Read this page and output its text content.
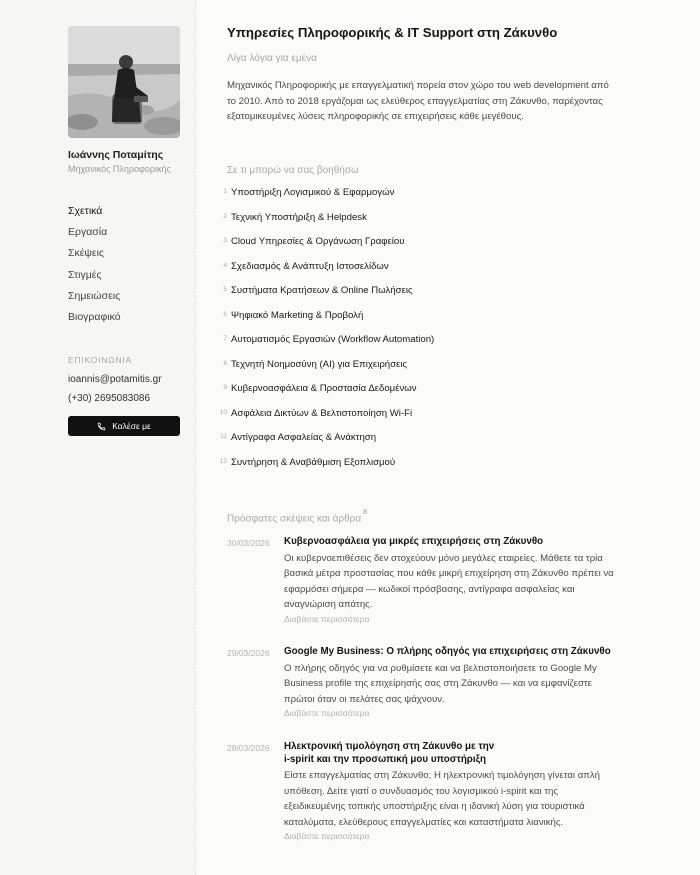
Ιωάννης Ποταμίτης
Μηχανικός Πληροφορικής
Σχετικά
Εργασία
Σκέψεις
Στιγμές
Σημειώσεις
Βιογραφικό
ΕΠΙΚΟΙΝΩΝΙΑ
ioannis@potamitis.gr
(+30) 2695083086
Καλέσε με
Υπηρεσίες Πληροφορικής & IT Support στη Ζάκυνθο
Λίγα λόγια για εμένα

Μηχανικός Πληροφορικής με επαγγελματική πορεία στον χώρο του web development από το 2010. Από το 2018 εργάζομαι ως ελεύθερος επαγγελματίας στη Ζάκυνθο, παρέχοντας εξατομικευμένες λύσεις πληροφορικής σε επιχειρήσεις κάθε μεγέθους.

Σε τι μπορώ να σας βοηθήσω
1 Υποστήριξη Λογισμικού & Εφαρμογών
2 Τεχνική Υποστήριξη & Helpdesk
3 Cloud Υπηρεσίες & Οργάνωση Γραφείου
4 Σχεδιασμός & Ανάπτυξη Ιστοσελίδων
5 Συστήματα Κρατήσεων & Online Πωλήσεις
6 Ψηφιακό Marketing & Προβολή
7 Αυτοματισμός Εργασιών (Workflow Automation)
8 Τεχνητή Νοημοσύνη (AI) για Επιχειρήσεις
9 Κυβερνοασφάλεια & Προστασία Δεδομένων
10 Ασφάλεια Δικτύων & Βελτιστοποίηση Wi-Fi
11 Αντίγραφα Ασφαλείας & Ανάκτηση
12 Συντήρηση & Αναβάθμιση Εξοπλισμού
Πρόσφατες σκέψεις και άρθρα$^8$
30/03/2026 Κυβερνοασφάλεια για μικρές επιχειρήσεις στη Ζάκυνθο

Οι κυβερνοεπιθέσεις δεν στοχεύουν μόνο μεγάλες εταιρείες. Μάθετε τα τρία βασικά μέτρα προστασίας που κάθε μικρή επιχείρηση στη Ζάκυνθο πρέπει να εφαρμόσει σήμερα — κωδικοί πρόσβασης, αντίγραφα ασφαλείας και αναγνώριση απάτης.

Διαβάστε περισσότερα
29/03/2026 Google My Business: Ο πλήρης οδηγός για επιχειρήσεις στη Ζάκυνθο

Ο πλήρης οδηγός για να ρυθμίσετε και να βελτιστοποιήσετε το Google My Business profile της επιχείρησής σας στη Ζάκυνθο — και να εμφανίζεστε πρώτοι όταν οι πελάτες σας ψάχνουν.

Διαβάστε περισσότερα
28/03/2026 Ηλεκτρονική τιμολόγηση στη Ζάκυνθο με την i-spirit και την προσωπική μου υποστήριξη

Είστε επαγγελματίας στη Ζάκυνθο; Η ηλεκτρονική τιμολόγηση γίνεται απλή υπόθεση. Δείτε γιατί ο συνδυασμός του λογισμικού i-spirit και της εξειδικευμένης τοπικής υποστήριξης είναι η ιδανική λύση για τουριστικά καταλύματα, ελεύθερους επαγγελματίες και καταστήματα λιανικής.

Διαβάστε περισσότερα
